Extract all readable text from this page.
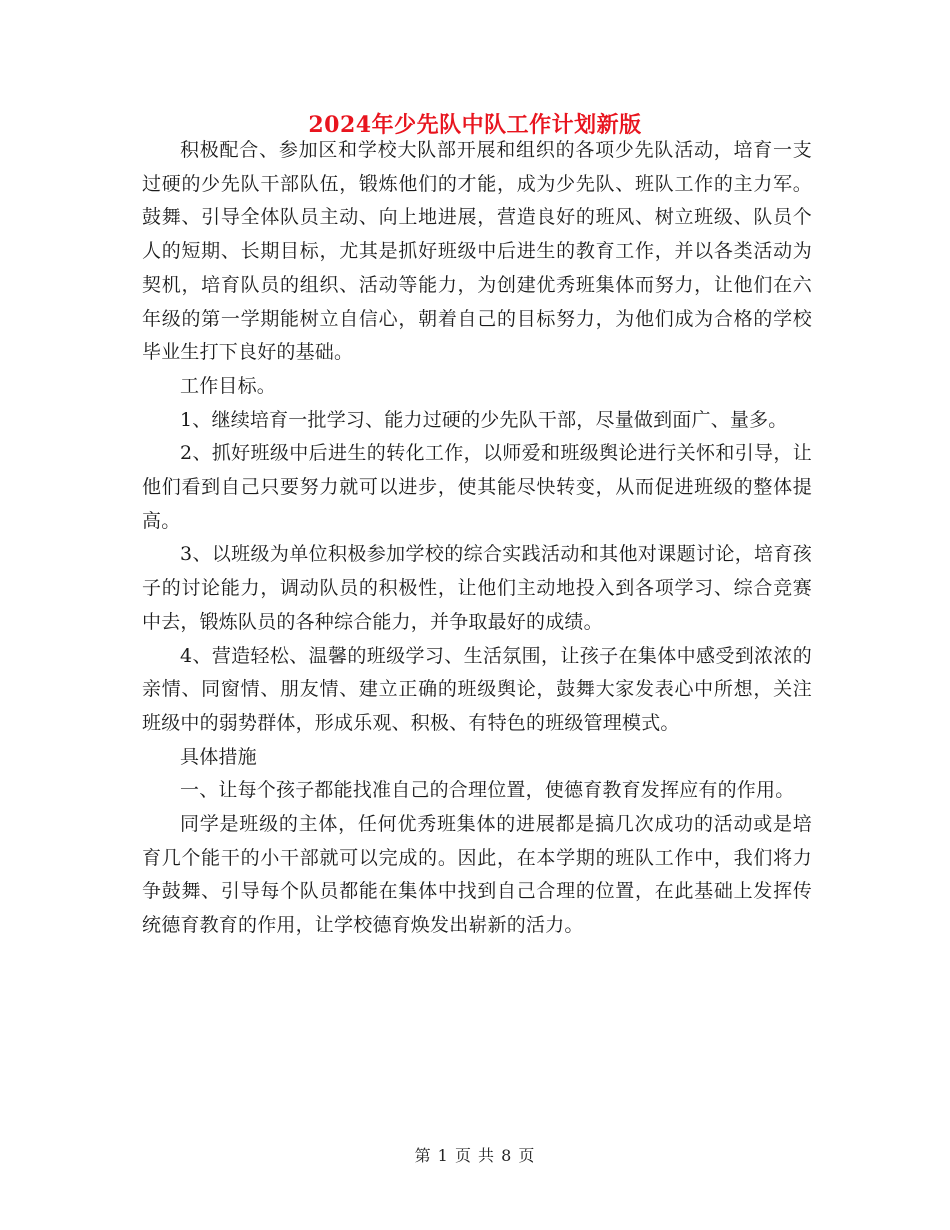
2024年少先队中队工作计划新版

积极配合、参加区和学校大队部开展和组织的各项少先队活动，培育一支过硬的少先队干部队伍，锻炼他们的才能，成为少先队、班队工作的主力军。鼓舞、引导全体队员主动、向上地进展，营造良好的班风、树立班级、队员个人的短期、长期目标，尤其是抓好班级中后进生的教育工作，并以各类活动为契机，培育队员的组织、活动等能力，为创建优秀班集体而努力，让他们在六年级的第一学期能树立自信心，朝着自己的目标努力，为他们成为合格的学校毕业生打下良好的基础。

工作目标。

1、继续培育一批学习、能力过硬的少先队干部，尽量做到面广、量多。

2、抓好班级中后进生的转化工作，以师爱和班级舆论进行关怀和引导，让他们看到自己只要努力就可以进步，使其能尽快转变，从而促进班级的整体提高。

3、以班级为单位积极参加学校的综合实践活动和其他对课题讨论，培育孩子的讨论能力，调动队员的积极性，让他们主动地投入到各项学习、综合竞赛中去，锻炼队员的各种综合能力，并争取最好的成绩。

4、营造轻松、温馨的班级学习、生活氛围，让孩子在集体中感受到浓浓的亲情、同窗情、朋友情、建立正确的班级舆论，鼓舞大家发表心中所想，关注班级中的弱势群体，形成乐观、积极、有特色的班级管理模式。

具体措施

一、让每个孩子都能找准自己的合理位置，使德育教育发挥应有的作用。

同学是班级的主体，任何优秀班集体的进展都是搞几次成功的活动或是培育几个能干的小干部就可以完成的。因此，在本学期的班队工作中，我们将力争鼓舞、引导每个队员都能在集体中找到自己合理的位置，在此基础上发挥传统德育教育的作用，让学校德育焕发出崭新的活力。

第 1 页 共 8 页
